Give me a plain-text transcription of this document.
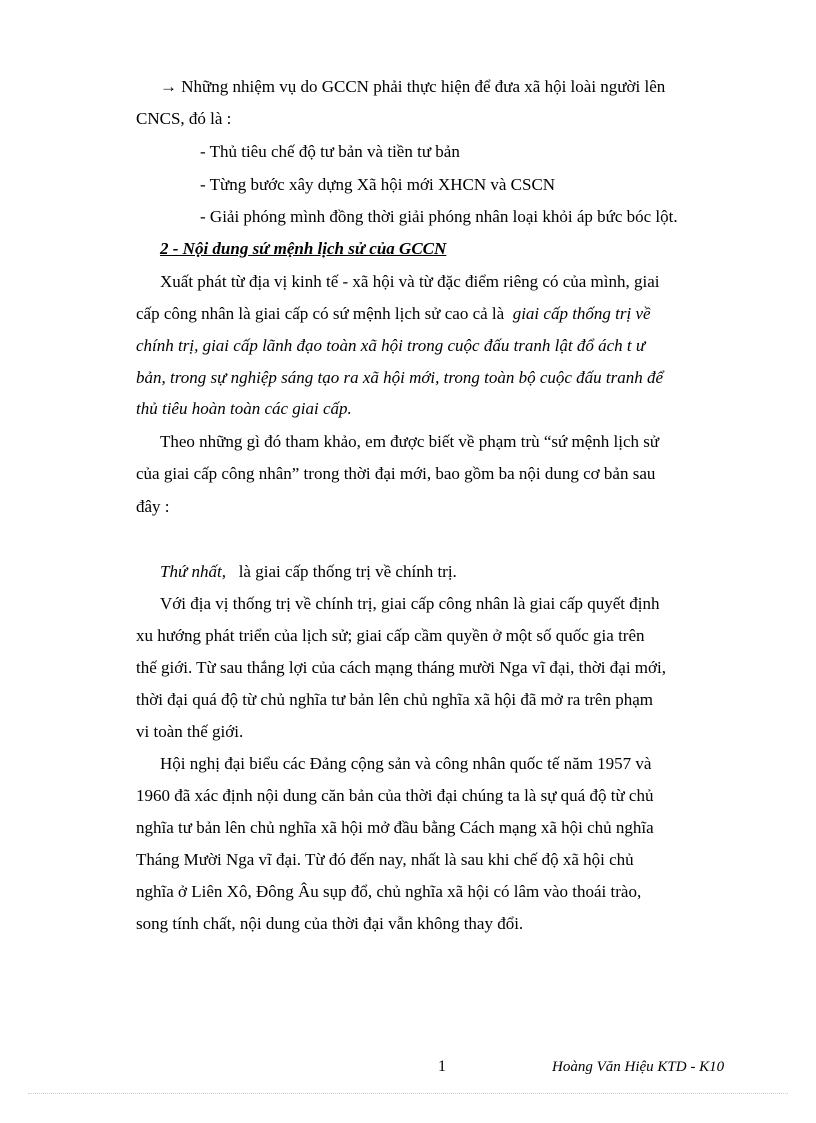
→ Những nhiệm vụ do GCCN phải thực hiện để đưa xã hội loài người lên
CNCS, đó là :
- Thủ tiêu chế độ tư bản và tiền tư bản
- Từng bước xây dựng Xã hội mới XHCN và CSCN
- Giải phóng mình đồng thời giải phóng nhân loại khỏi áp bức bóc lột.
2 - Nội dung sứ mệnh lịch sử của GCCN
Xuất phát từ địa vị kinh tế - xã hội và từ đặc điểm riêng có của mình, giai
cấp công nhân là giai cấp có sứ mệnh lịch sử cao cả là giai cấp thống trị về
chính trị, giai cấp lãnh đạo toàn xã hội trong cuộc đấu tranh lật đổ ách t ư
bản, trong sự nghiệp sáng tạo ra xã hội mới, trong toàn bộ cuộc đấu tranh để
thủ tiêu hoàn toàn các giai cấp.
Theo những gì đó tham khảo, em được biết về phạm trù “sứ mệnh lịch sử
của giai cấp công nhân” trong thời đại mới, bao gồm ba nội dung cơ bản sau
đây :
Thứ nhất, là giai cấp thống trị về chính trị.
Với địa vị thống trị về chính trị, giai cấp công nhân là giai cấp quyết định
xu hướng phát triển của lịch sử; giai cấp cầm quyền ở một số quốc gia trên
thế giới. Từ sau thắng lợi của cách mạng tháng mười Nga vĩ đại, thời đại mới,
thời đại quá độ từ chủ nghĩa tư bản lên chủ nghĩa xã hội đã mở ra trên phạm
vi toàn thế giới.
Hội nghị đại biểu các Đảng cộng sản và công nhân quốc tế năm 1957 và
1960 đã xác định nội dung căn bản của thời đại chúng ta là sự quá độ từ chủ
nghĩa tư bản lên chủ nghĩa xã hội mở đầu bằng Cách mạng xã hội chủ nghĩa
Tháng Mười Nga vĩ đại. Từ đó đến nay, nhất là sau khi chế độ xã hội chủ
nghĩa ở Liên Xô, Đông Âu sụp đổ, chủ nghĩa xã hội có lâm vào thoái trào,
song tính chất, nội dung của thời đại vẫn không thay đổi.
1	Hoàng Văn Hiệu KTD - K10
